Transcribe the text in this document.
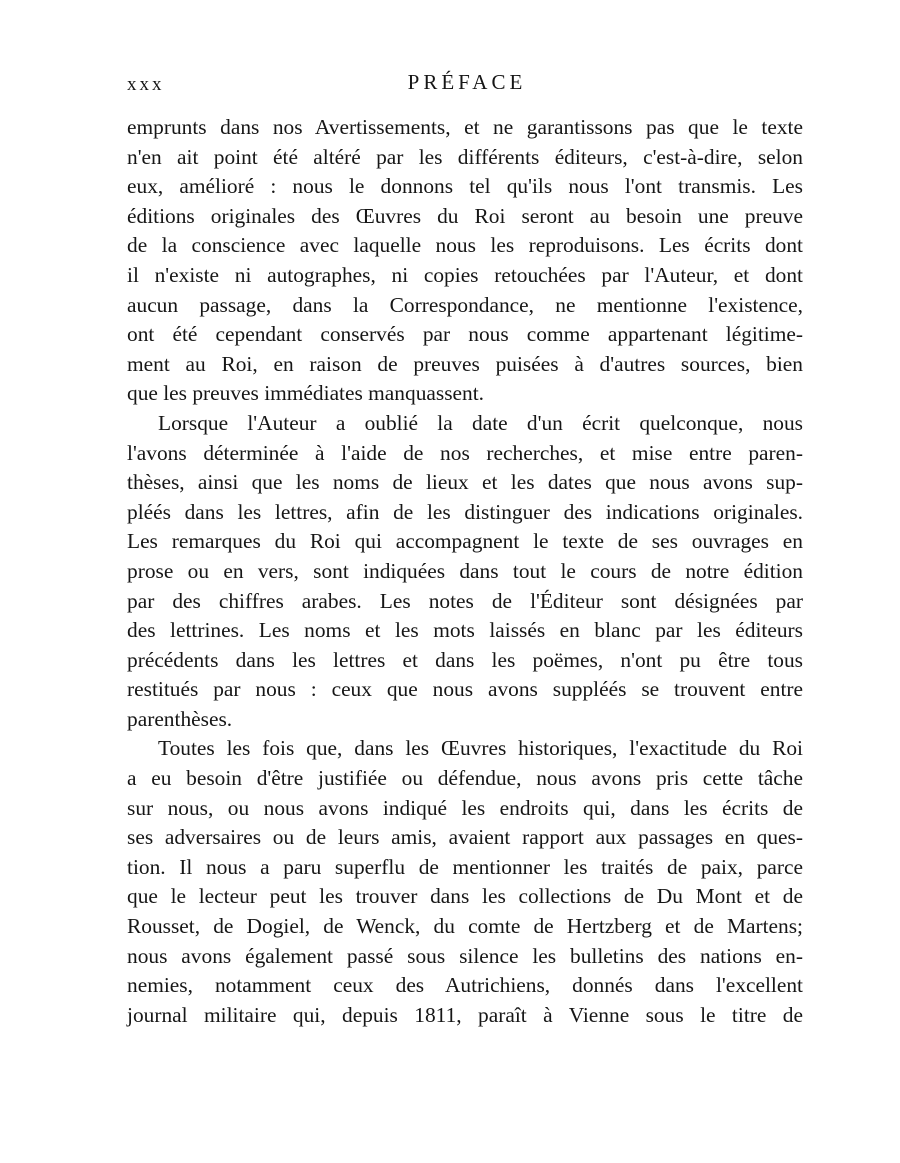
xxx	PRÉFACE
emprunts dans nos Avertissements, et ne garantissons pas que le texte
n'en ait point été altéré par les différents éditeurs, c'est-à-dire, selon
eux, amélioré : nous le donnons tel qu'ils nous l'ont transmis. Les
éditions originales des Œuvres du Roi seront au besoin une preuve
de la conscience avec laquelle nous les reproduisons. Les écrits dont
il n'existe ni autographes, ni copies retouchées par l'Auteur, et dont
aucun passage, dans la Correspondance, ne mentionne l'existence,
ont été cependant conservés par nous comme appartenant légitime-
ment au Roi, en raison de preuves puisées à d'autres sources, bien
que les preuves immédiates manquassent.
Lorsque l'Auteur a oublié la date d'un écrit quelconque, nous
l'avons déterminée à l'aide de nos recherches, et mise entre paren-
thèses, ainsi que les noms de lieux et les dates que nous avons sup-
pléés dans les lettres, afin de les distinguer des indications originales.
Les remarques du Roi qui accompagnent le texte de ses ouvrages en
prose ou en vers, sont indiquées dans tout le cours de notre édition
par des chiffres arabes. Les notes de l'Éditeur sont désignées par
des lettrines. Les noms et les mots laissés en blanc par les éditeurs
précédents dans les lettres et dans les poëmes, n'ont pu être tous
restitués par nous : ceux que nous avons suppléés se trouvent entre
parenthèses.
Toutes les fois que, dans les Œuvres historiques, l'exactitude du Roi
a eu besoin d'être justifiée ou défendue, nous avons pris cette tâche
sur nous, ou nous avons indiqué les endroits qui, dans les écrits de
ses adversaires ou de leurs amis, avaient rapport aux passages en ques-
tion. Il nous a paru superflu de mentionner les traités de paix, parce
que le lecteur peut les trouver dans les collections de Du Mont et de
Rousset, de Dogiel, de Wenck, du comte de Hertzberg et de Martens;
nous avons également passé sous silence les bulletins des nations en-
nemies, notamment ceux des Autrichiens, donnés dans l'excellent
journal militaire qui, depuis 1811, paraît à Vienne sous le titre de
